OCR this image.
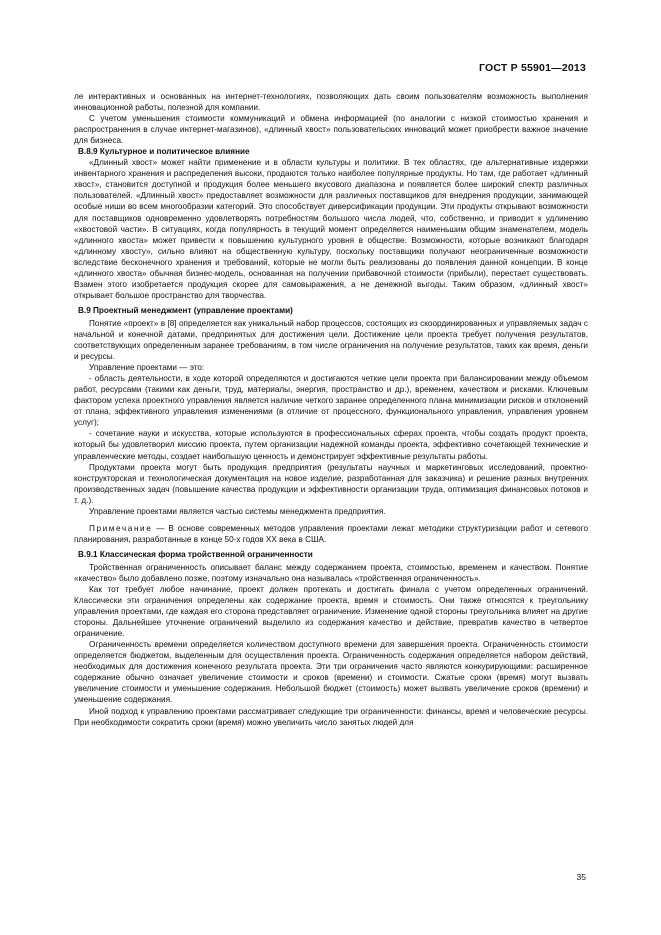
ГОСТ Р 55901—2013

ле интерактивных и основанных на интернет-технологиях, позволяющих дать своим пользователям возможность выполнения инновационной работы, полезной для компании.

С учетом уменьшения стоимости коммуникаций и обмена информацией (по аналогии с низкой стоимостью хранения и распространения в случае интернет-магазинов), «длинный хвост» пользовательских инноваций может приобрести важное значение для бизнеса.

В.8.9 Культурное и политическое влияние

«Длинный хвост» может найти применение и в области культуры и политики. В тех областях, где альтернативные издержки инвентарного хранения и распределения высоки, продаются только наиболее популярные продукты. Но там, где работает «длинный хвост», становится доступной и продукция более меньшего вкусового диапазона и появляется более широкий спектр различных пользователей. «Длинный хвост» предоставляет возможности для различных поставщиков для внедрения продукции, занимающей особые ниши во всем многообразии категорий. Это способствует диверсификации продукции. Эти продукты открывают возможности для поставщиков одновременно удовлетворять потребностям большого числа людей, что, собственно, и приводит к удлинению «хвостовой части». В ситуациях, когда популярность в текущий момент определяется наименьшим общим знаменателем, модель «длинного хвоста» может привести к повышению культурного уровня в обществе. Возможности, которые возникают благодаря «длинному хвосту», сильно влияют на общественную культуру, поскольку поставщики получают неограниченные возможности вследствие бесконечного хранения и требований, которые не могли быть реализованы до появления данной концепции. В конце «длинного хвоста» обычная бизнес-модель, основанная на получении прибавочной стоимости (прибыли), перестает существовать. Взамен этого изобретается продукция скорее для самовыражения, а не денежной выгоды. Таким образом, «длинный хвост» открывает большое пространство для творчества.

В.9 Проектный менеджмент (управление проектами)

Понятие «проект» в [8] определяется как уникальный набор процессов, состоящих из скоординированных и управляемых задач с начальной и конечной датами, предпринятых для достижения цели. Достижение цели проекта требует получения результатов, соответствующих определенным заранее требованиям, в том числе ограничения на получение результатов, таких как время, деньги и ресурсы.

Управление проектами — это:

- область деятельности, в ходе которой определяются и достигаются четкие цели проекта при балансировании между объемом работ, ресурсами (такими как деньги, труд, материалы, энергия, пространство и др.), временем, качеством и рисками. Ключевым фактором успеха проектного управления является наличие четкого заранее определенного плана минимизации рисков и отклонений от плана, эффективного управления изменениями (в отличие от процессного, функционального управления, управления уровнем услуг);

- сочетание науки и искусства, которые используются в профессиональных сферах проекта, чтобы создать продукт проекта, который бы удовлетворил миссию проекта, путем организации надежной команды проекта, эффективно сочетающей технические и управленческие методы, создает наибольшую ценность и демонстрирует эффективные результаты работы.

Продуктами проекта могут быть продукция предприятия (результаты научных и маркетинговых исследований, проектно-конструкторская и технологическая документация на новое изделие, разработанная для заказчика) и решение разных внутренних производственных задач (повышение качества продукции и эффективности организации труда, оптимизация финансовых потоков и т. д.).

Управление проектами является частью системы менеджмента предприятия.

Примечание — В основе современных методов управления проектами лежат методики структуризации работ и сетевого планирования, разработанные в конце 50-х годов XX века в США.

В.9.1 Классическая форма тройственной ограниченности

Тройственная ограниченность описывает баланс между содержанием проекта, стоимостью, временем и качеством. Понятие «качество» было добавлено позже, поэтому изначально она называлась «тройственная ограниченность».

Как тот требует любое начинание, проект должен протекать и достигать финала с учетом определенных ограничений. Классически эти ограничения определены как содержание проекта, время и стоимость. Они также относятся к треугольнику управления проектами, где каждая его сторона представляет ограничение. Изменение одной стороны треугольника влияет на другие стороны. Дальнейшее уточнение ограничений выделило из содержания качество и действие, превратив качество в четвертое ограничение.

Ограниченность времени определяется количеством доступного времени для завершения проекта. Ограниченность стоимости определяется бюджетом, выделенным для осуществления проекта. Ограниченность содержания определяется набором действий, необходимых для достижения конечного результата проекта. Эти три ограничения часто являются конкурирующими: расширенное содержание обычно означает увеличение стоимости и сроков (времени) и стоимости. Сжатые сроки (время) могут вызвать увеличение стоимости и уменьшение содержания. Небольшой бюджет (стоимость) может вызвать увеличение сроков (времени) и уменьшение содержания.

Иной подход к управлению проектами рассматривает следующие три ограниченности: финансы, время и человеческие ресурсы. При необходимости сократить сроки (время) можно увеличить число занятых людей для

35
